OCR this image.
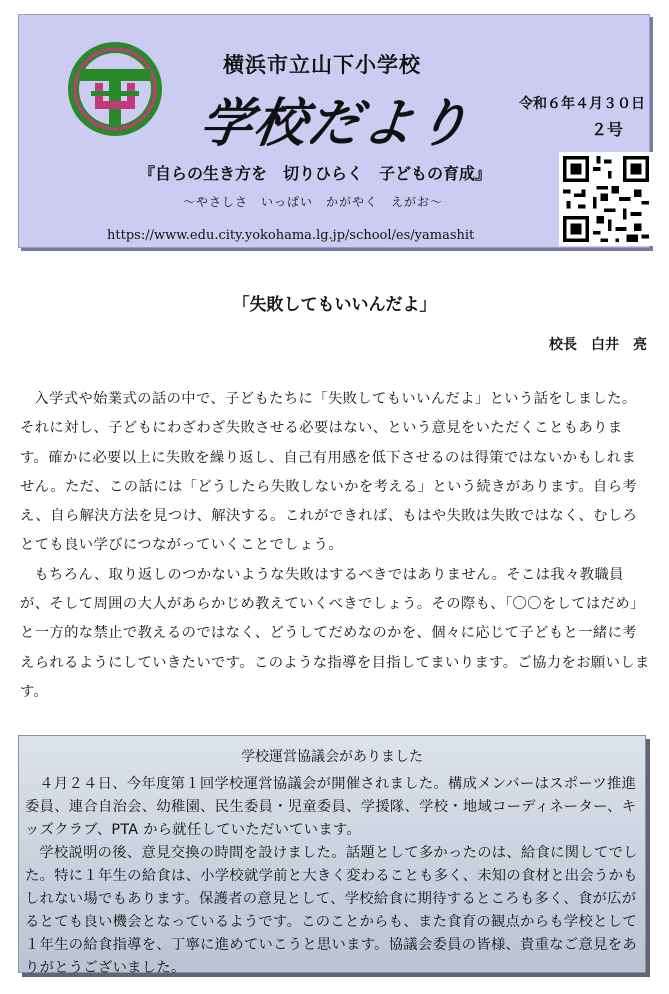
横浜市立山下小学校
学校だより	令和６年４月３０日
２号
『自らの生き方を　切りひらく　子どもの育成』
～やさしさ　いっぱい　かがやく　えがお～
https://www.edu.city.yokohama.lg.jp/school/es/yamashit
「失敗してもいいんだよ」
校長　白井　亮

入学式や始業式の話の中で、子どもたちに「失敗してもいいんだよ」という話をしました。それに対し、子どもにわざわざ失敗させる必要はない、という意見をいただくこともあります。確かに必要以上に失敗を繰り返し、自己有用感を低下させるのは得策ではないかもしれません。ただ、この話には「どうしたら失敗しないかを考える」という続きがあります。自ら考え、自ら解決方法を見つけ、解決する。これができれば、もはや失敗は失敗ではなく、むしろとても良い学びにつながっていくことでしょう。

もちろん、取り返しのつかないような失敗はするべきではありません。そこは我々教職員が、そして周囲の大人があらかじめ教えていくべきでしょう。その際も、「〇〇をしてはだめ」と一方的な禁止で教えるのではなく、どうしてだめなのかを、個々に応じて子どもと一緒に考えられるようにしていきたいです。このような指導を目指してまいります。ご協力をお願いします。

学校運営協議会がありました

４月２４日、今年度第１回学校運営協議会が開催されました。構成メンバーはスポーツ推進委員、連合自治会、幼稚園、民生委員・児童委員、学援隊、学校・地域コーディネーター、キッズクラブ、PTA から就任していただいています。

学校説明の後、意見交換の時間を設けました。話題として多かったのは、給食に関してでした。特に１年生の給食は、小学校就学前と大きく変わることも多く、未知の食材と出会うかもしれない場でもあります。保護者の意見として、学校給食に期待するところも多く、食が広がるとても良い機会となっているようです。このことからも、また食育の観点からも学校として１年生の給食指導を、丁寧に進めていこうと思います。協議会委員の皆様、貴重なご意見をありがとうございました。
